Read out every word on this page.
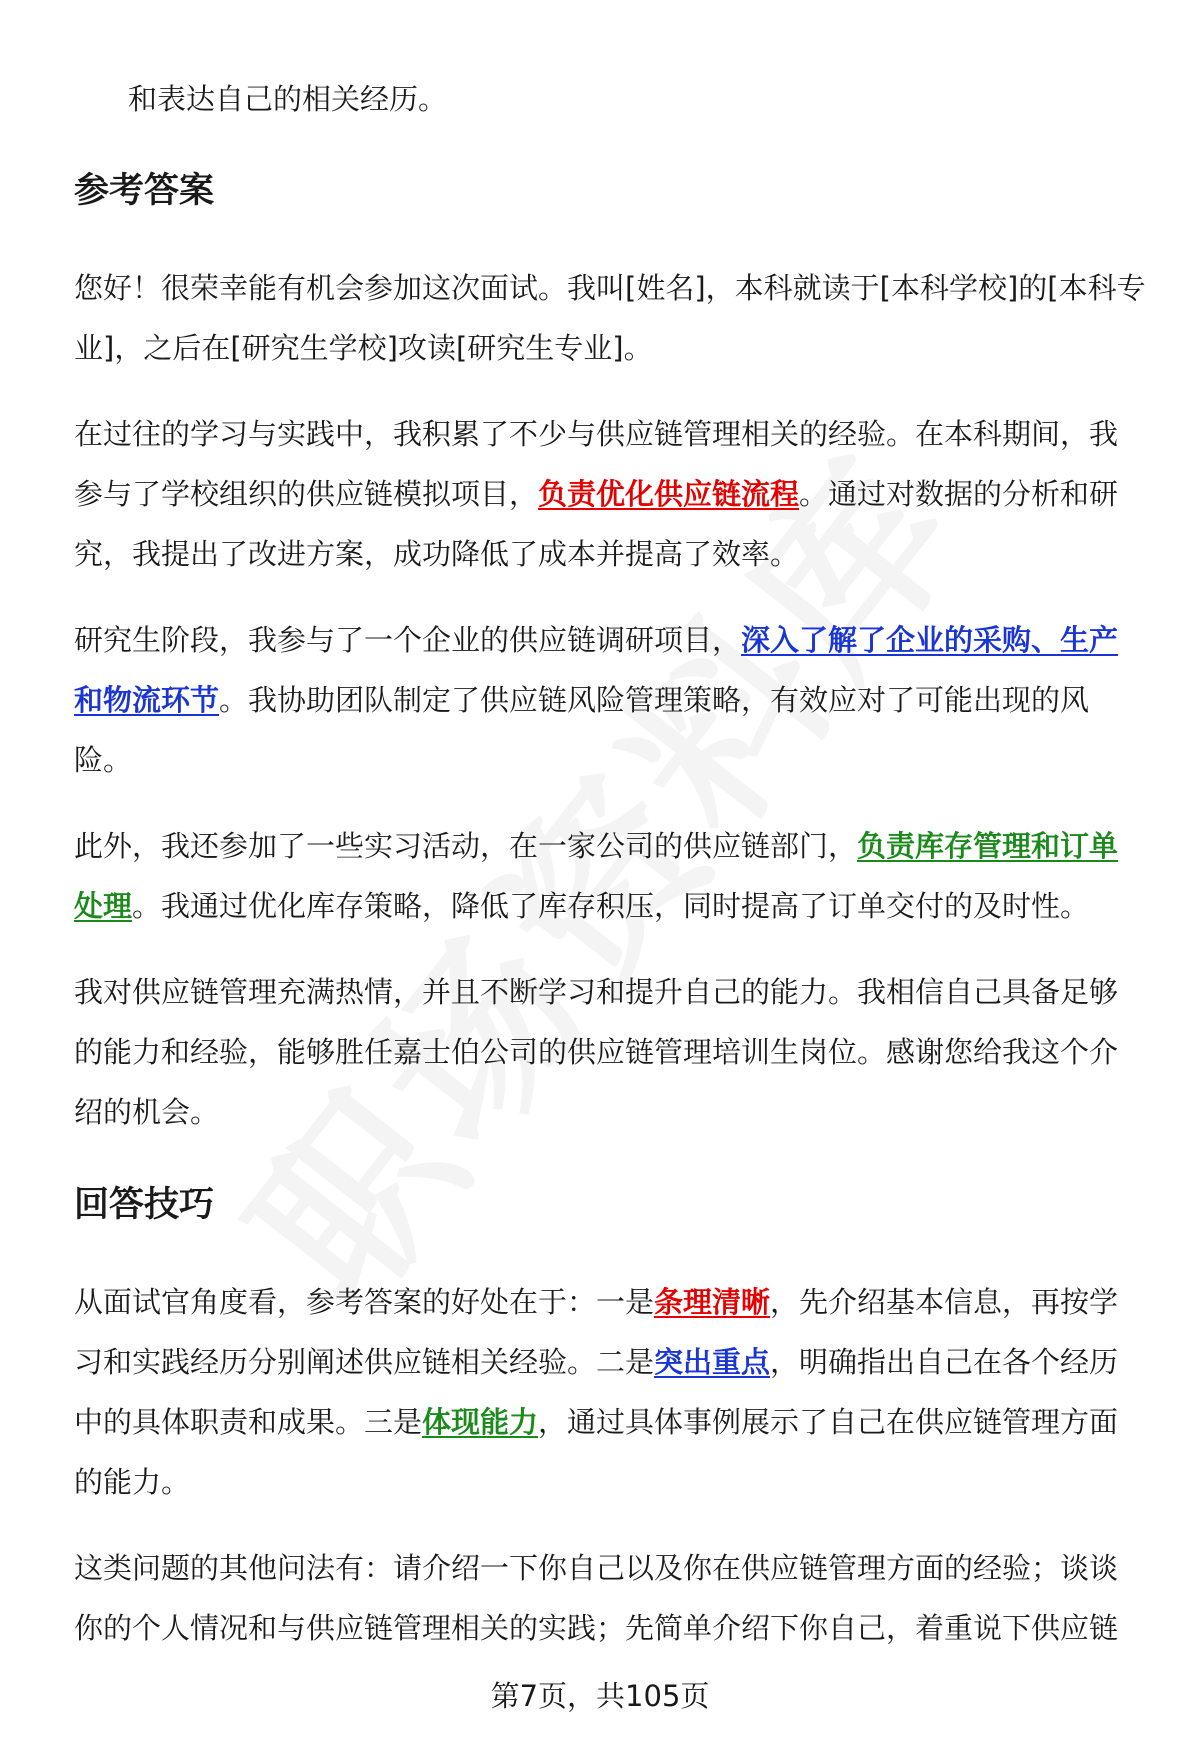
和表达自己的相关经历。
参考答案

您好！很荣幸能有机会参加这次面试。我叫[姓名]，本科就读于[本科学校]的[本科专业]，之后在[研究生学校]攻读[研究生专业]。

在过往的学习与实践中，我积累了不少与供应链管理相关的经验。在本科期间，我参与了学校组织的供应链模拟项目，负责优化供应链流程。通过对数据的分析和研究，我提出了改进方案，成功降低了成本并提高了效率。

研究生阶段，我参与了一个企业的供应链调研项目，深入了解了企业的采购、生产和物流环节。我协助团队制定了供应链风险管理策略，有效应对了可能出现的风险。

此外，我还参加了一些实习活动，在一家公司的供应链部门，负责库存管理和订单处理。我通过优化库存策略，降低了库存积压，同时提高了订单交付的及时性。

我对供应链管理充满热情，并且不断学习和提升自己的能力。我相信自己具备足够的能力和经验，能够胜任嘉士伯公司的供应链管理培训生岗位。感谢您给我这个介绍的机会。

回答技巧

从面试官角度看，参考答案的好处在于：一是条理清晰，先介绍基本信息，再按学习和实践经历分别阐述供应链相关经验。二是突出重点，明确指出自己在各个经历中的具体职责和成果。三是体现能力，通过具体事例展示了自己在供应链管理方面的能力。

这类问题的其他问法有：请介绍一下你自己以及你在供应链管理方面的经验；谈谈你的个人情况和与供应链管理相关的实践；先简单介绍下你自己，着重说下供应链

第7页，共105页
